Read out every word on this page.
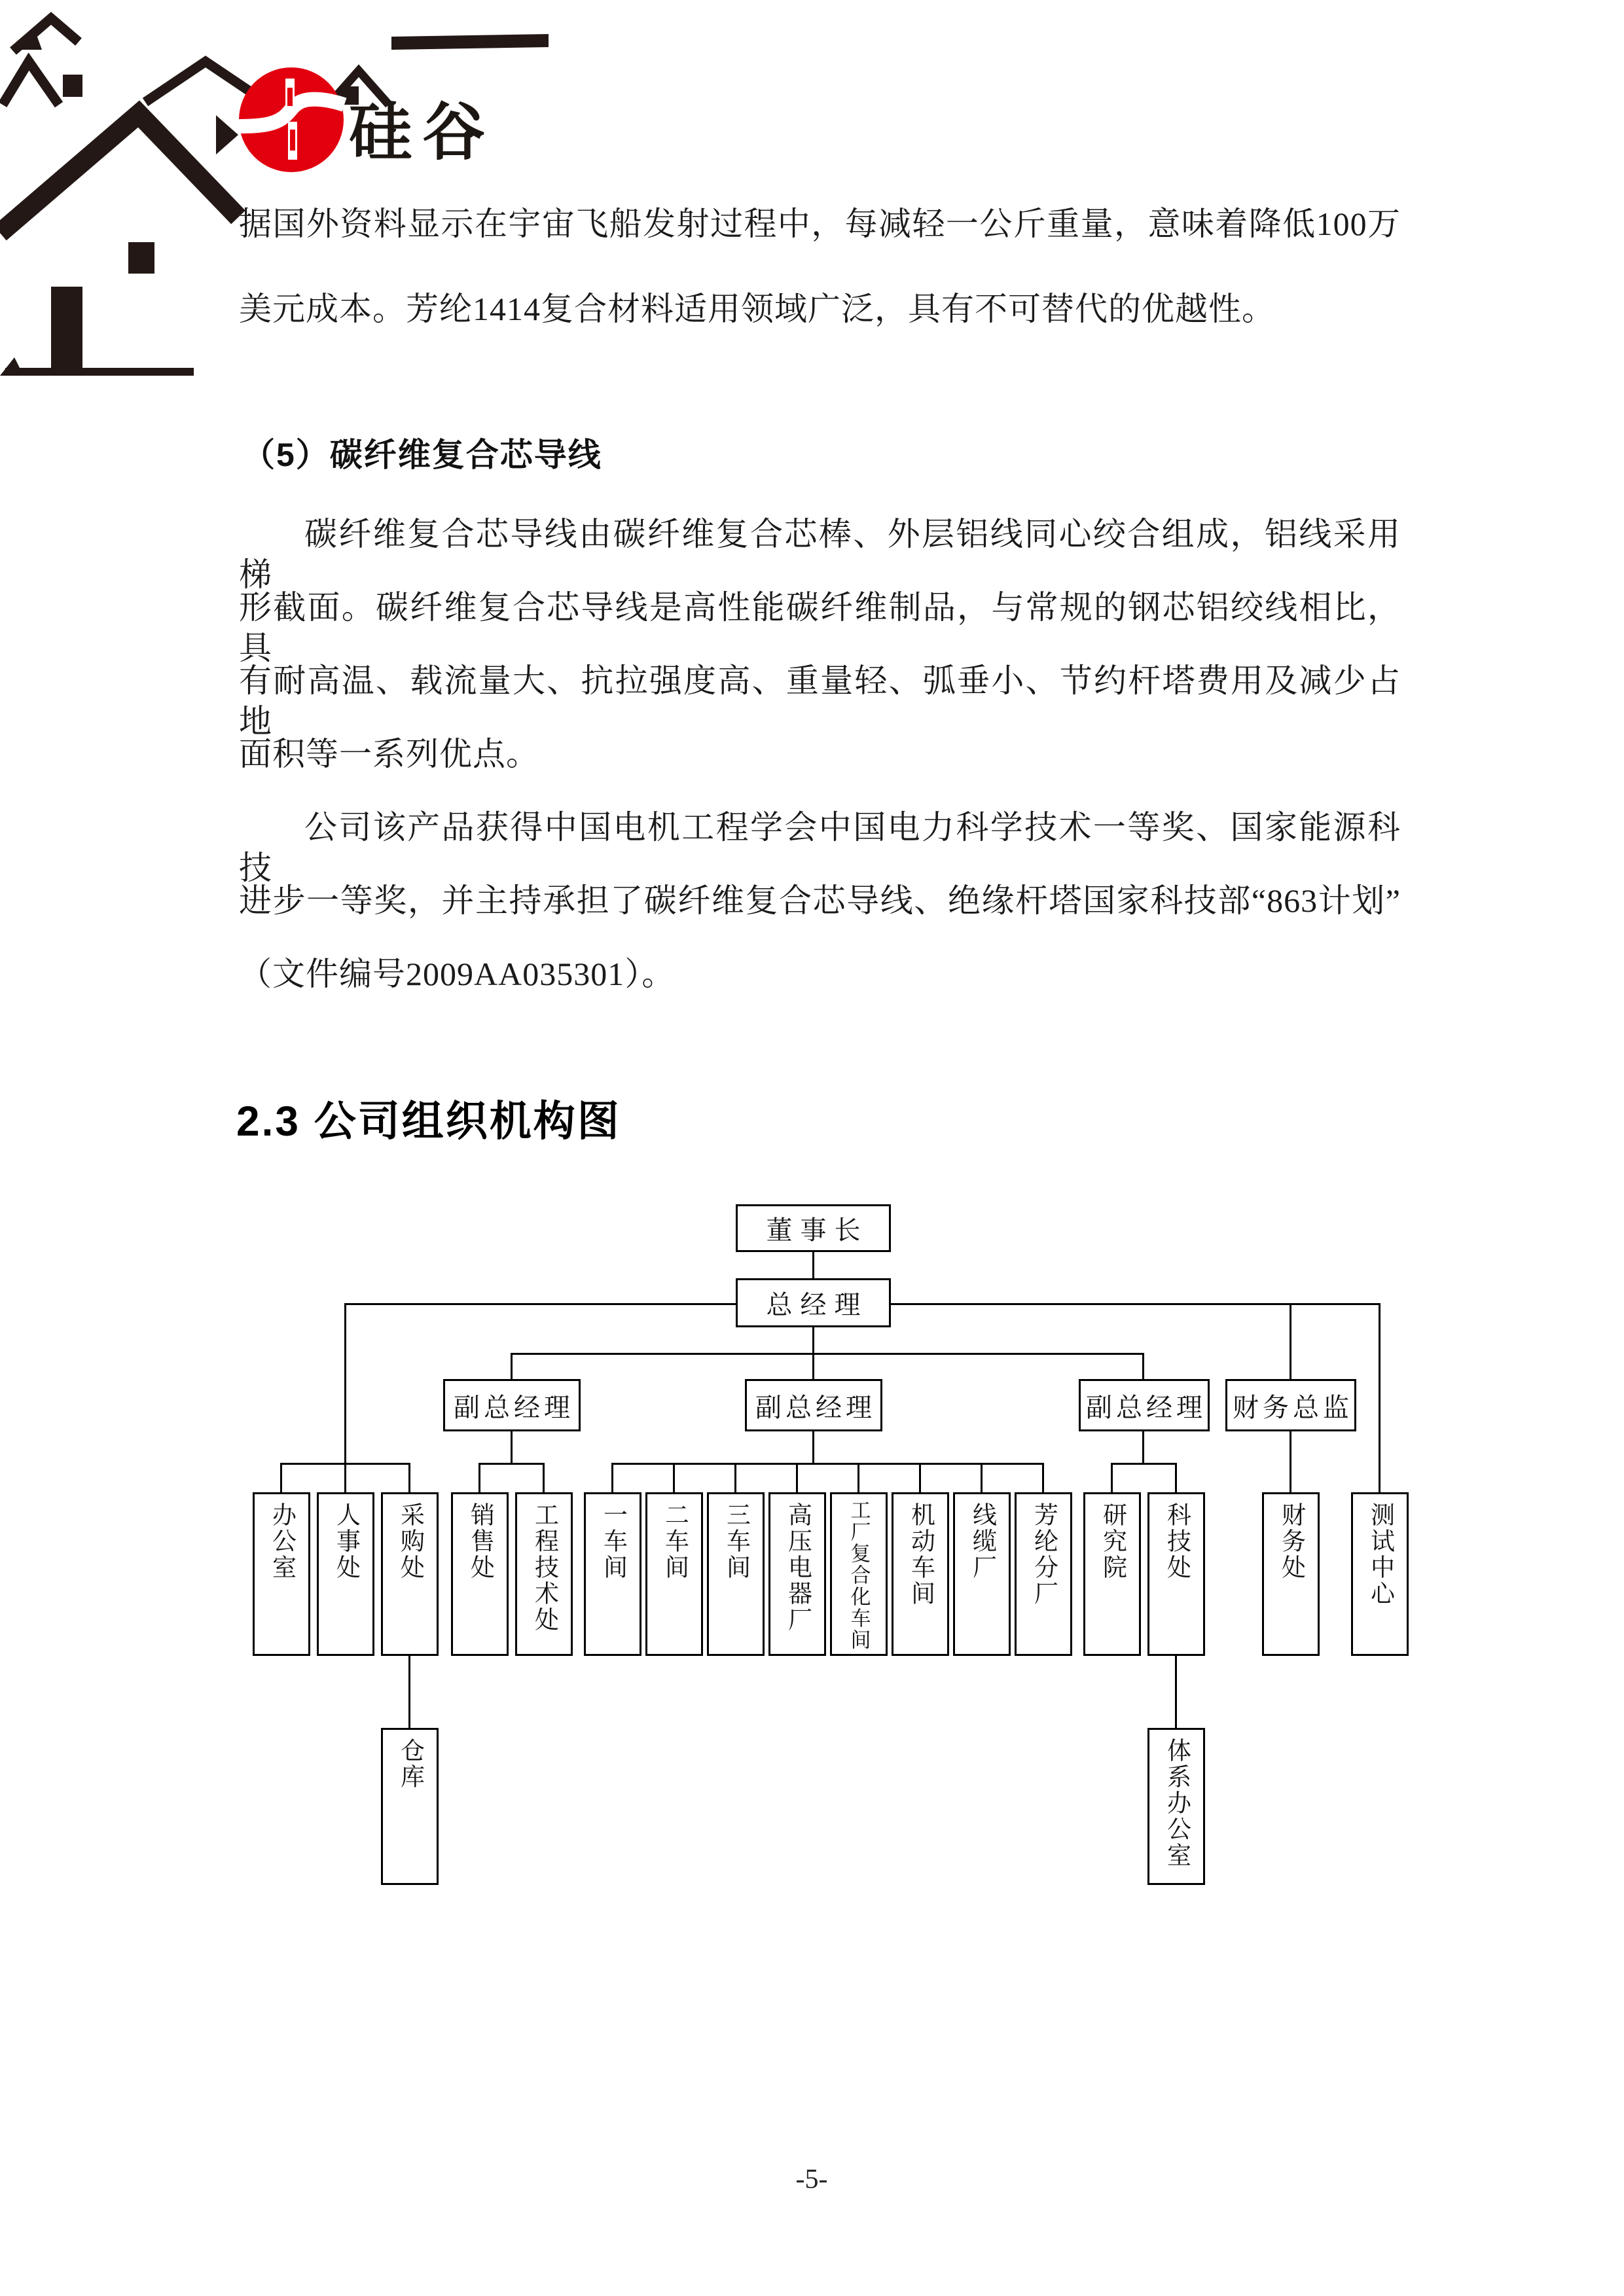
硅谷
据国外资料显示在宇宙飞船发射过程中，每减轻一公斤重量，意味着降低100万
美元成本。芳纶1414复合材料适用领域广泛，具有不可替代的优越性。
（5）碳纤维复合芯导线
碳纤维复合芯导线由碳纤维复合芯棒、外层铝线同心绞合组成，铝线采用梯
形截面。碳纤维复合芯导线是高性能碳纤维制品，与常规的钢芯铝绞线相比，具
有耐高温、载流量大、抗拉强度高、重量轻、弧垂小、节约杆塔费用及减少占地
面积等一系列优点。
公司该产品获得中国电机工程学会中国电力科学技术一等奖、国家能源科技
进步一等奖，并主持承担了碳纤维复合芯导线、绝缘杆塔国家科技部“863计划”
（文件编号2009AA035301）。
2.3 公司组织机构图
董事长
总经理
副总经理	副总经理	副总经理 财务总监
办公室 人事处 采购处 销售处 工程技术处 一车间 二车间 三车间 高压电器厂 工厂复合化车间 机动车间 线缆厂 芳纶分厂 研究院 科技处	财务处	测试中心
仓库	体系办公室
-5-
